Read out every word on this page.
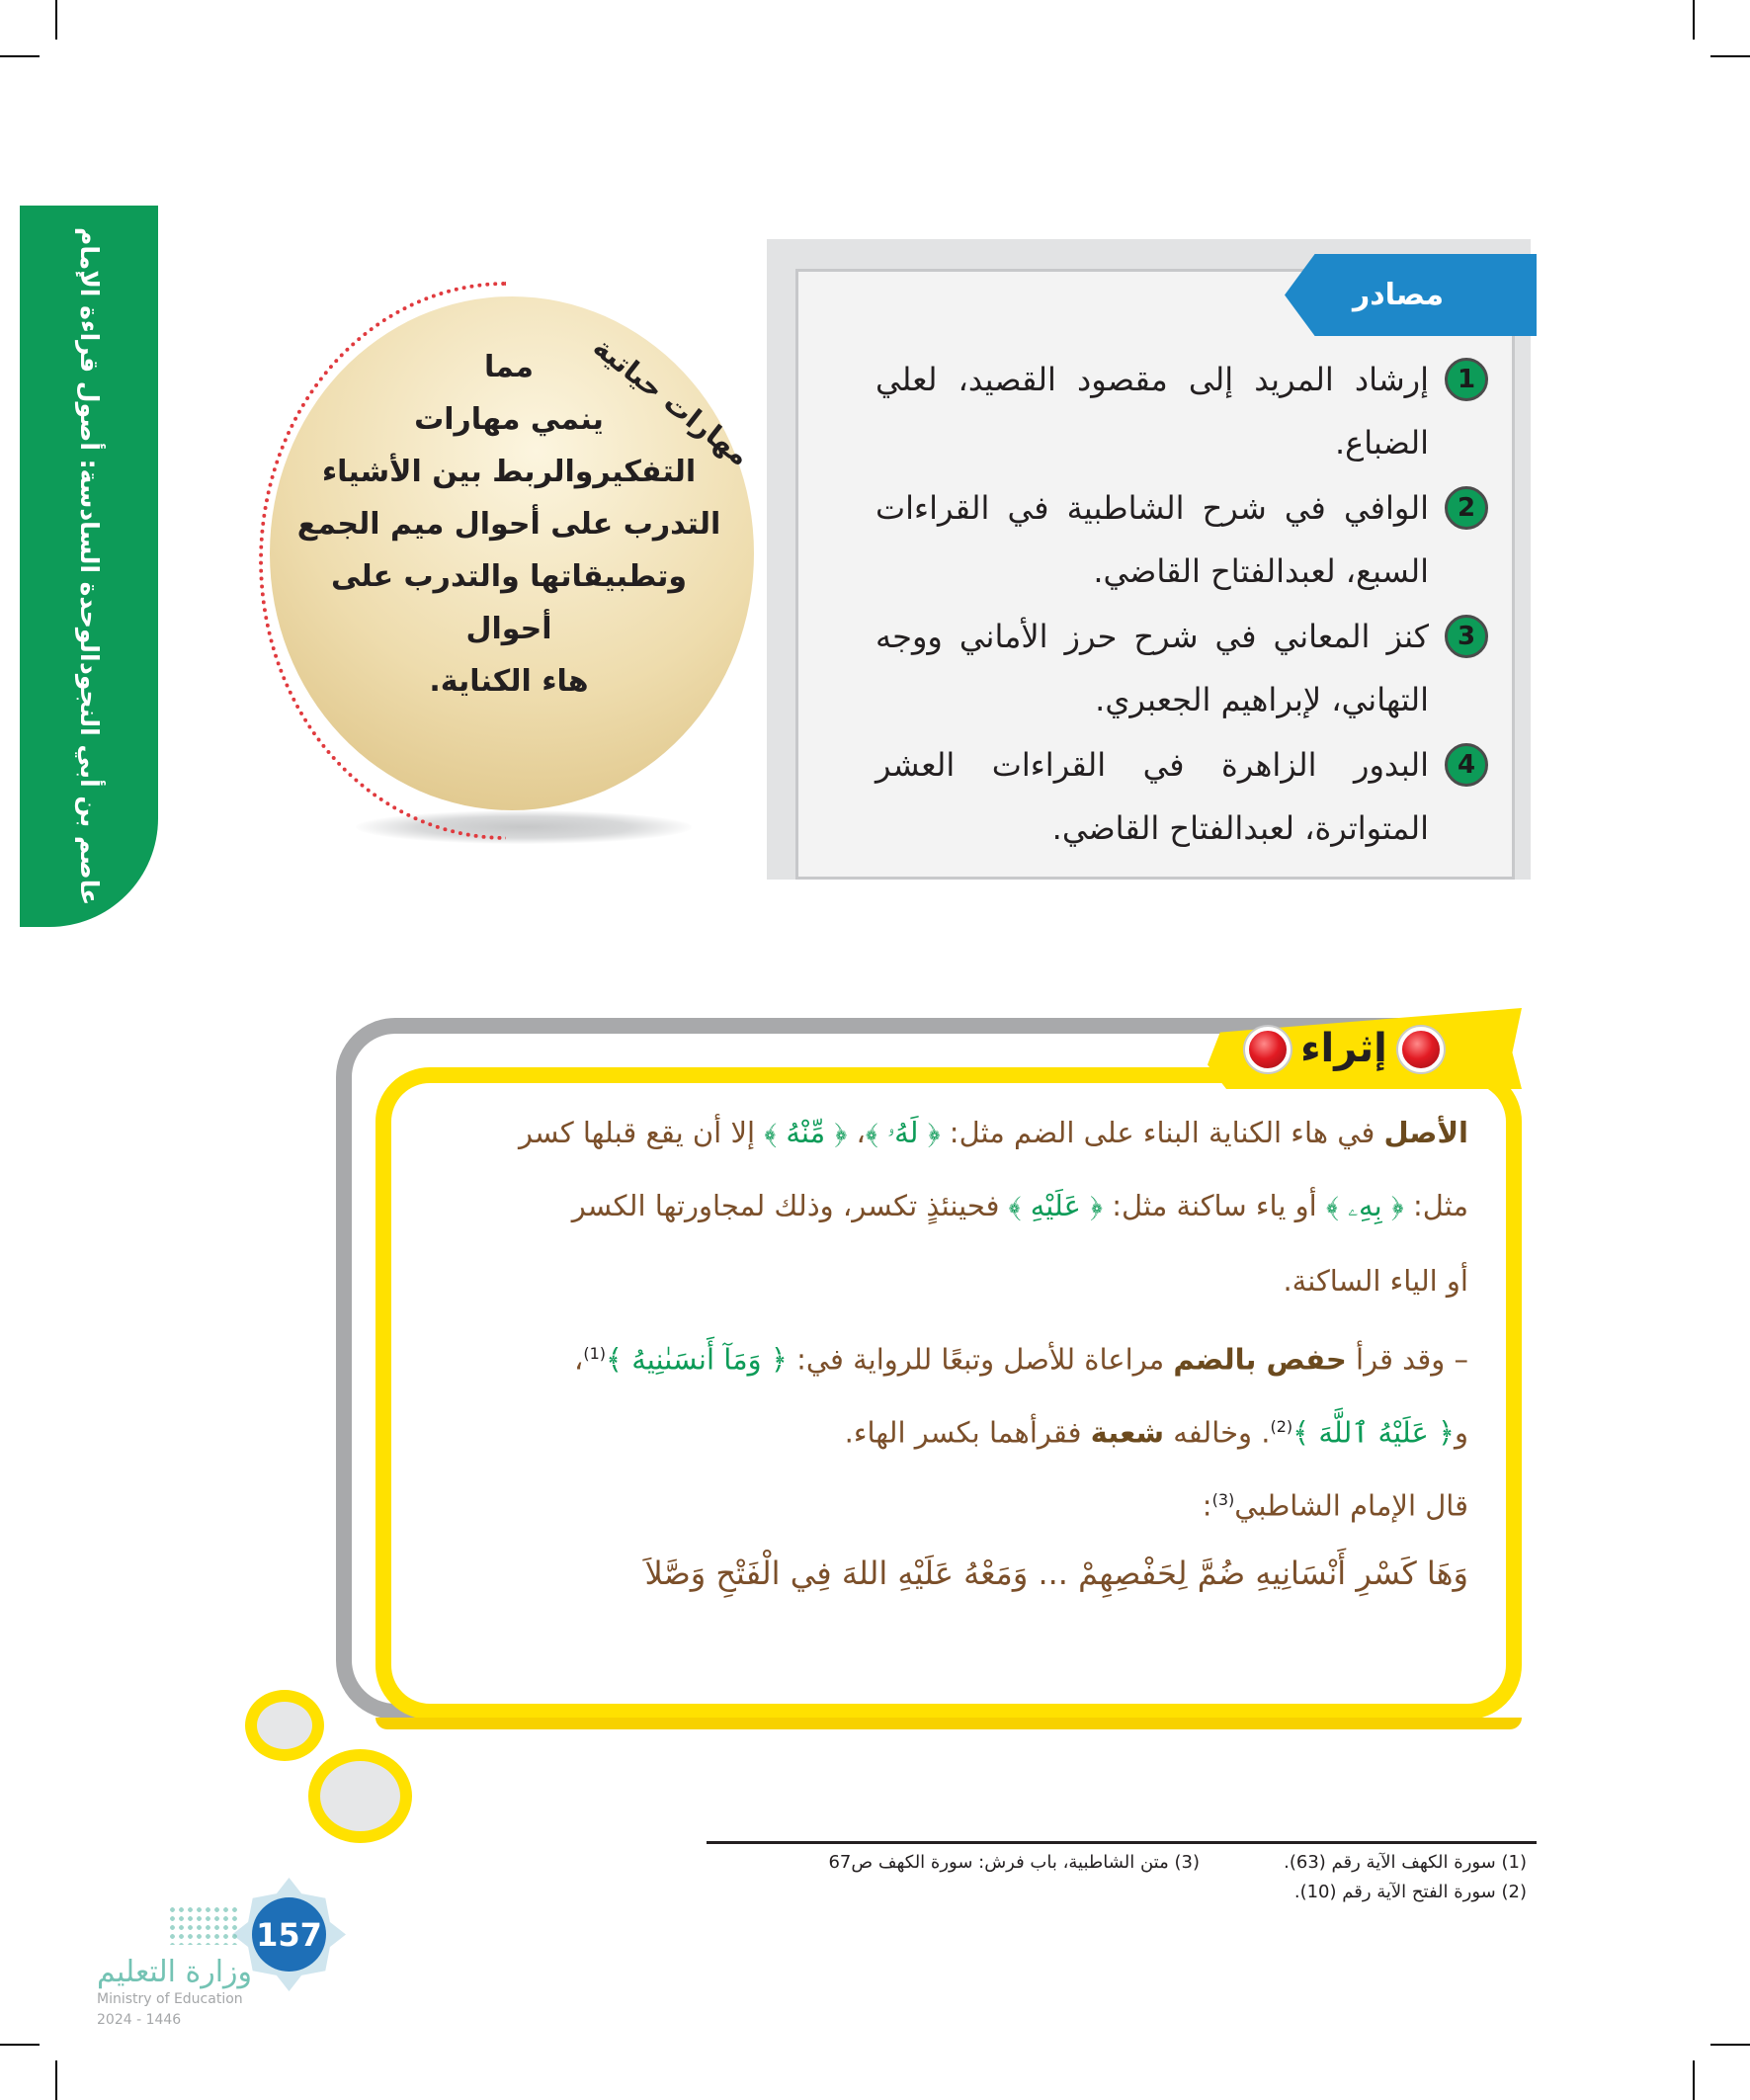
الوحدة السادسة: أصول قراءة الإمام
عاصم بن أبي النجود
مصادر
1
إرشاد المريد إلى مقصود القصيد، لعلي الضباع.
2
الوافي في شرح الشاطبية في القراءات السبع، لعبدالفتاح القاضي.
3
كنز المعاني في شرح حرز الأماني ووجه التهاني، لإبراهيم الجعبري.
4
البدور الزاهرة في القراءات العشر المتواترة، لعبدالفتاح القاضي.
مهارات حياتية
مما
ينمي مهارات
التفكيروالربط بين الأشياء
التدرب على أحوال ميم الجمع
وتطبيقاتها والتدرب على أحوال
هاء الكناية.
إثراء
الأصل في هاء الكناية البناء على الضم مثل: ﴿ لَهُۥ ﴾، ﴿ مِّنْهُ ﴾ إلا أن يقع قبلها كسر
مثل: ﴿ بِهِۦ ﴾ أو ياء ساكنة مثل: ﴿ عَلَيْهِ ﴾ فحينئذٍ تكسر، وذلك لمجاورتها الكسر
أو الياء الساكنة.
– وقد قرأ حفص بالضم مراعاة للأصل وتبعًا للرواية في: ﴿ وَمَآ أَنسَىٰنِيهُ ﴾$^{(1)}$،
و﴿ عَلَيْهُ ٱللَّهَ ﴾$^{(2)}$. وخالفه شعبة فقرأهما بكسر الهاء.
قال الإمام الشاطبي$^{(3)}$:
وَهَا كَسْرِ أَنْسَانِيهِ ضُمَّ لِحَفْصِهِمْ ... وَمَعْهُ عَلَيْهِ اللهَ فِي الْفَتْحِ وَصَّلاَ
(1) سورة الكهف الآية رقم (63).
(2) سورة الفتح الآية رقم (10).
(3) متن الشاطبية، باب فرش: سورة الكهف ص67
157
وزارة التعليم
Ministry of Education
2024 - 1446
